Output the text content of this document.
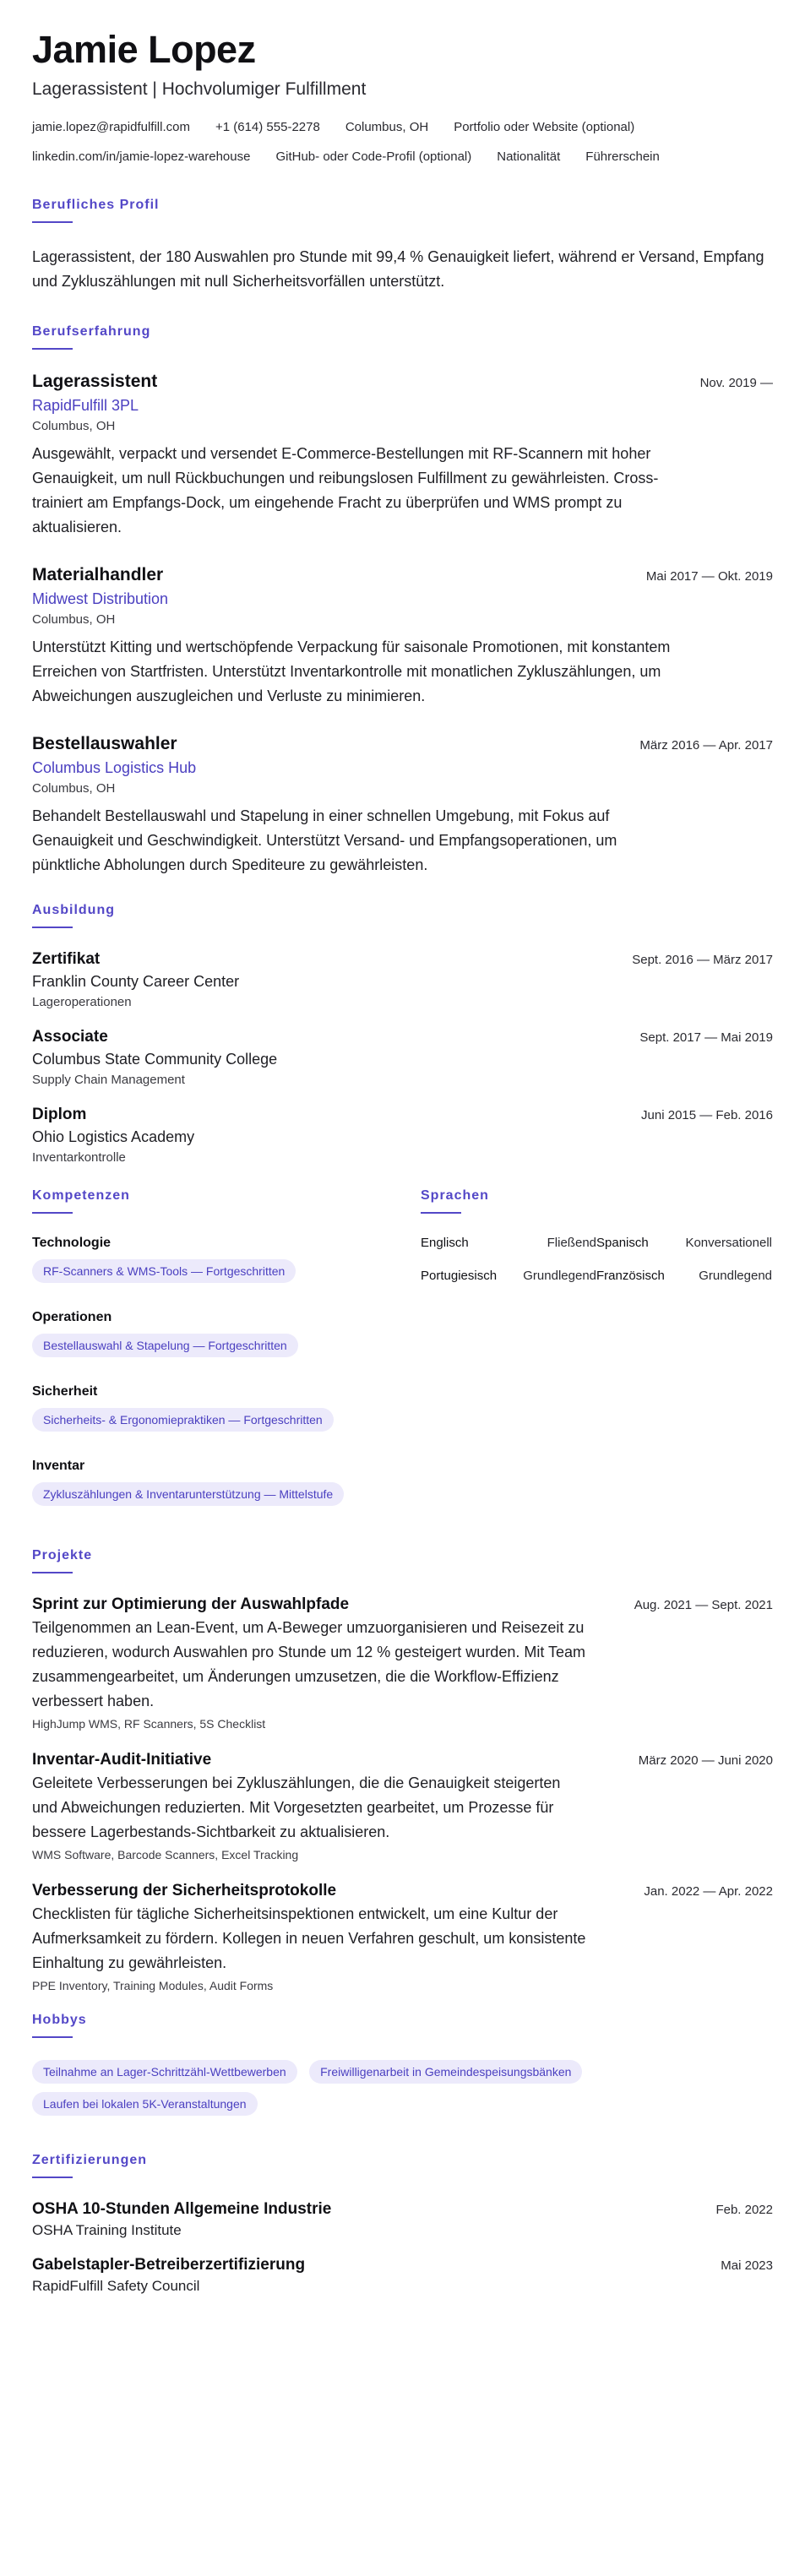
Jamie Lopez
Lagerassistent | Hochvolumiger Fulfillment
jamie.lopez@rapidfulfill.com +1 (614) 555-2278 Columbus, OH Portfolio oder Website (optional)
linkedin.com/in/jamie-lopez-warehouse GitHub- oder Code-Profil (optional) Nationalität Führerschein
Berufliches Profil
Lagerassistent, der 180 Auswahlen pro Stunde mit 99,4 % Genauigkeit liefert, während er Versand, Empfang und Zykluszählungen mit null Sicherheitsvorfällen unterstützt.
Berufserfahrung
Lagerassistent	Nov. 2019 —
RapidFulfill 3PL
Columbus, OH
Ausgewählt, verpackt und versendet E-Commerce-Bestellungen mit RF-Scannern mit hoher Genauigkeit, um null Rückbuchungen und reibungslosen Fulfillment zu gewährleisten. Cross-trainiert am Empfangs-Dock, um eingehende Fracht zu überprüfen und WMS prompt zu aktualisieren.
Materialhandler	Mai 2017 — Okt. 2019
Midwest Distribution
Columbus, OH
Unterstützt Kitting und wertschöpfende Verpackung für saisonale Promotionen, mit konstantem Erreichen von Startfristen. Unterstützt Inventarkontrolle mit monatlichen Zykluszählungen, um Abweichungen auszugleichen und Verluste zu minimieren.
Bestellauswahler	März 2016 — Apr. 2017
Columbus Logistics Hub
Columbus, OH
Behandelt Bestellauswahl und Stapelung in einer schnellen Umgebung, mit Fokus auf Genauigkeit und Geschwindigkeit. Unterstützt Versand- und Empfangsoperationen, um pünktliche Abholungen durch Spediteure zu gewährleisten.
Ausbildung
Zertifikat	Sept. 2016 — März 2017
Franklin County Career Center
Lageroperationen
Associate	Sept. 2017 — Mai 2019
Columbus State Community College
Supply Chain Management
Diplom	Juni 2015 — Feb. 2016
Ohio Logistics Academy
Inventarkontrolle
Kompetenzen
Technologie
RF-Scanners & WMS-Tools — Fortgeschritten
Operationen
Bestellauswahl & Stapelung — Fortgeschritten
Sicherheit
Sicherheits- & Ergonomiepraktiken — Fortgeschritten
Inventar
Zykluszählungen & Inventarunterstützung — Mittelstufe
Sprachen
Englisch	Fließend Spanisch	Konversationell
Portugiesisch Grundlegend Französisch	Grundlegend
Projekte
Sprint zur Optimierung der Auswahlpfade	Aug. 2021 — Sept. 2021
Teilgenommen an Lean-Event, um A-Beweger umzuorganisieren und Reisezeit zu reduzieren, wodurch Auswahlen pro Stunde um 12 % gesteigert wurden. Mit Team zusammengearbeitet, um Änderungen umzusetzen, die die Workflow-Effizienz verbessert haben.
HighJump WMS, RF Scanners, 5S Checklist
Inventar-Audit-Initiative	März 2020 — Juni 2020
Geleitete Verbesserungen bei Zykluszählungen, die die Genauigkeit steigerten und Abweichungen reduzierten. Mit Vorgesetzten gearbeitet, um Prozesse für bessere Lagerbestands-Sichtbarkeit zu aktualisieren.
WMS Software, Barcode Scanners, Excel Tracking
Verbesserung der Sicherheitsprotokolle	Jan. 2022 — Apr. 2022
Checklisten für tägliche Sicherheitsinspektionen entwickelt, um eine Kultur der Aufmerksamkeit zu fördern. Kollegen in neuen Verfahren geschult, um konsistente Einhaltung zu gewährleisten.
PPE Inventory, Training Modules, Audit Forms
Hobbys
Teilnahme an Lager-Schrittzähl-Wettbewerben	Freiwilligenarbeit in Gemeindespeisungsbänken Laufen bei lokalen 5K-Veranstaltungen
Zertifizierungen
OSHA 10-Stunden Allgemeine Industrie	Feb. 2022
OSHA Training Institute
Gabelstapler-Betreiberzertifizierung	Mai 2023
RapidFulfill Safety Council
